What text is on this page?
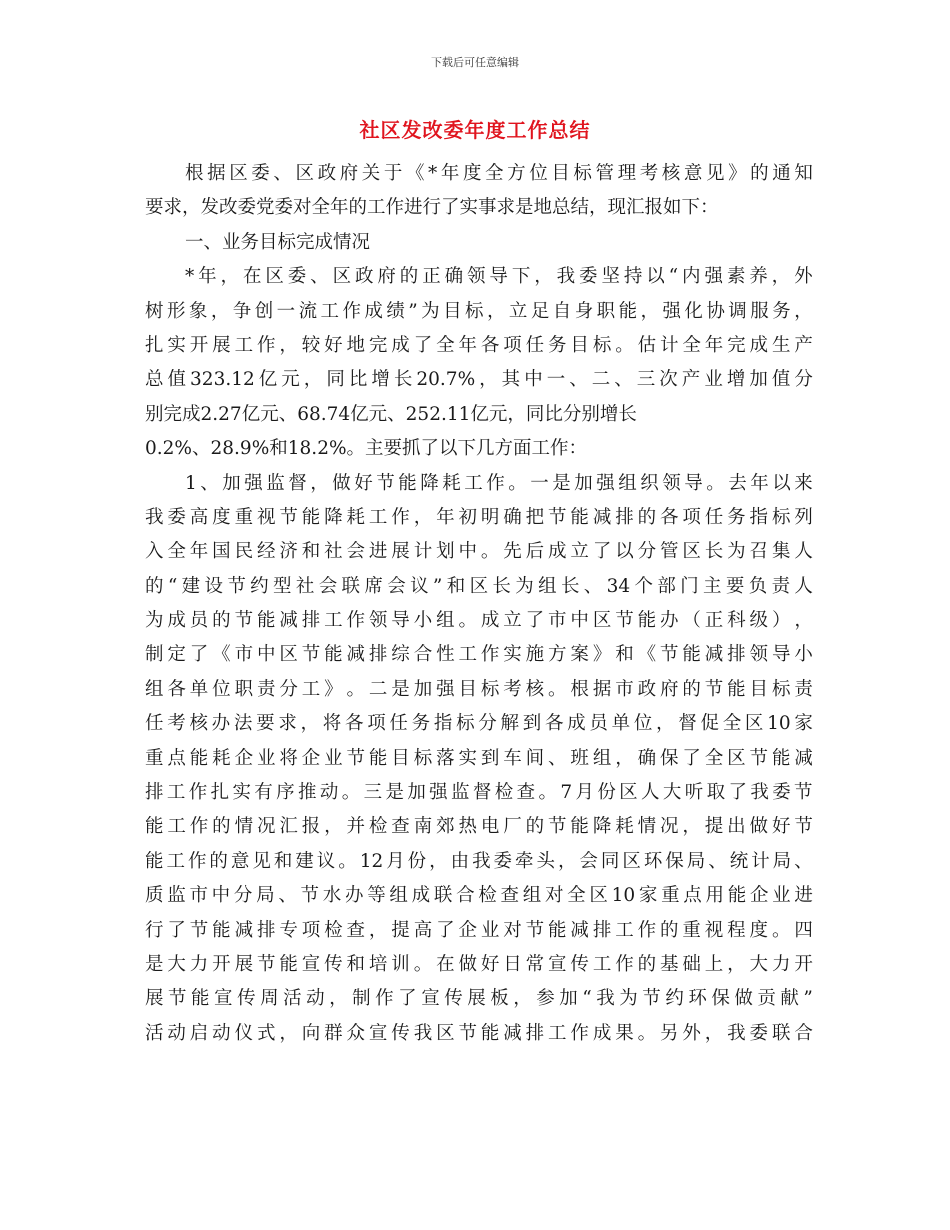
下载后可任意编辑
社区发改委年度工作总结
根 据 区 委 、 区 政 府 关 于 《 * 年 度 全 方 位 目 标 管 理 考 核 意 见 》 的 通 知
要求，发改委党委对全年的工作进行了实事求是地总结，现汇报如下：
一、业务目标完成情况
* 年 ， 在 区 委 、 区 政 府 的 正 确 领 导 下 ， 我 委 坚 持 以 “ 内 强 素 养 ， 外
树 形 象 ， 争 创 一 流 工 作 成 绩 ” 为 目 标 ， 立 足 自 身 职 能 ， 强 化 协 调 服 务 ，
扎 实 开 展 工 作 ， 较 好 地 完 成 了 全 年 各 项 任 务 目 标 。 估 计 全 年 完 成 生 产
总 值 323.12 亿 元 ， 同 比 增 长 20.7% ， 其 中 一 、 二 、 三 次 产 业 增 加 值 分
别完成2.27亿元、68.74亿元、252.11亿元，同比分别增长
0.2%、28.9%和18.2%。主要抓了以下几方面工作：
1 、 加 强 监 督 ， 做 好 节 能 降 耗 工 作 。 一 是 加 强 组 织 领 导 。 去 年 以 来
我 委 高 度 重 视 节 能 降 耗 工 作 ， 年 初 明 确 把 节 能 减 排 的 各 项 任 务 指 标 列
入 全 年 国 民 经 济 和 社 会 进 展 计 划 中 。 先 后 成 立 了 以 分 管 区 长 为 召 集 人
的 “ 建 设 节 约 型 社 会 联 席 会 议 ” 和 区 长 为 组 长 、 34 个 部 门 主 要 负 责 人
为 成 员 的 节 能 减 排 工 作 领 导 小 组 。 成 立 了 市 中 区 节 能 办 （ 正 科 级 ） ，
制 定 了 《 市 中 区 节 能 减 排 综 合 性 工 作 实 施 方 案 》 和 《 节 能 减 排 领 导 小
组 各 单 位 职 责 分 工 》 。 二 是 加 强 目 标 考 核 。 根 据 市 政 府 的 节 能 目 标 责
任 考 核 办 法 要 求 ， 将 各 项 任 务 指 标 分 解 到 各 成 员 单 位 ， 督 促 全 区 10 家
重 点 能 耗 企 业 将 企 业 节 能 目 标 落 实 到 车 间 、 班 组 ， 确 保 了 全 区 节 能 减
排 工 作 扎 实 有 序 推 动 。 三 是 加 强 监 督 检 查 。 7 月 份 区 人 大 听 取 了 我 委 节
能 工 作 的 情 况 汇 报 ， 并 检 查 南 郊 热 电 厂 的 节 能 降 耗 情 况 ， 提 出 做 好 节
能 工 作 的 意 见 和 建 议 。 12 月 份 ， 由 我 委 牵 头 ， 会 同 区 环 保 局 、 统 计 局 、
质 监 市 中 分 局 、 节 水 办 等 组 成 联 合 检 查 组 对 全 区 10 家 重 点 用 能 企 业 进
行 了 节 能 减 排 专 项 检 查 ， 提 高 了 企 业 对 节 能 减 排 工 作 的 重 视 程 度 。 四
是 大 力 开 展 节 能 宣 传 和 培 训 。 在 做 好 日 常 宣 传 工 作 的 基 础 上 ， 大 力 开
展 节 能 宣 传 周 活 动 ， 制 作 了 宣 传 展 板 ， 参 加 “ 我 为 节 约 环 保 做 贡 献 ”
活 动 启 动 仪 式 ， 向 群 众 宣 传 我 区 节 能 减 排 工 作 成 果 。 另 外 ， 我 委 联 合
